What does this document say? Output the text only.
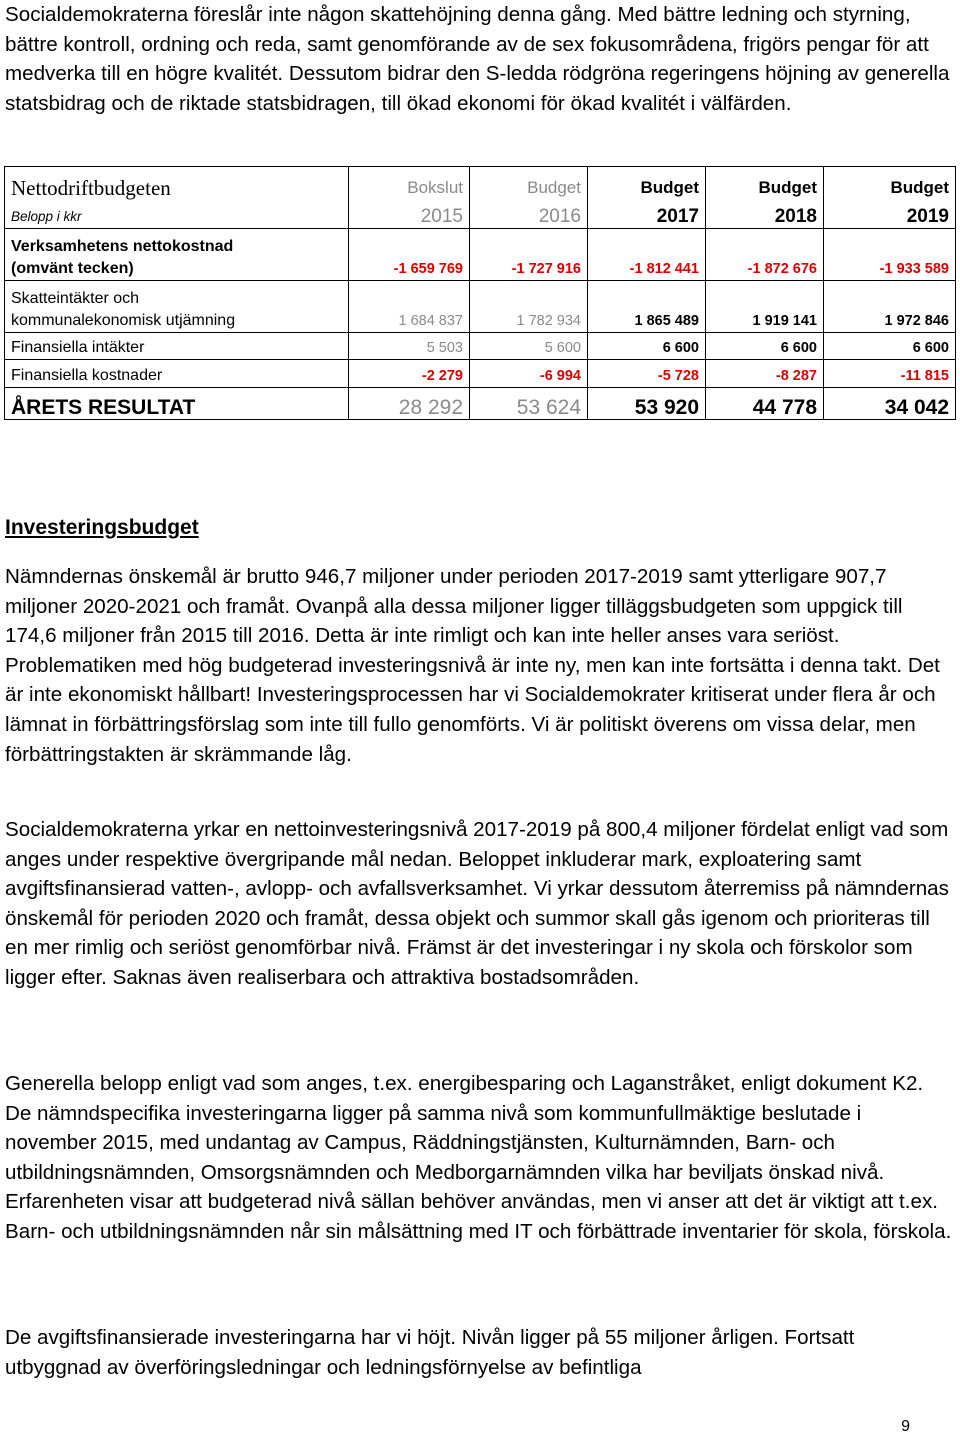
Socialdemokraterna föreslår inte någon skattehöjning denna gång. Med bättre ledning och styrning, bättre kontroll, ordning och reda, samt genomförande av de sex fokusområdena, frigörs pengar för att medverka till en högre kvalitét. Dessutom bidrar den S-ledda rödgröna regeringens höjning av generella statsbidrag och de riktade statsbidragen, till ökad ekonomi för ökad kvalitét i välfärden.

Nettodriftbudgeten	Bokslut	Budget	Budget	Budget	Budget
Belopp i kkr	2015	2016	2017	2018	2019

Verksamhetens nettokostnad
(omvänt tecken)	-1 659 769	-1 727 916	-1 812 441	-1 872 676	-1 933 589

Skatteintäkter och
kommunalekonomisk utjämning	1 684 837	1 782 934	1 865 489	1 919 141	1 972 846
Finansiella intäkter	5 503	5 600	6 600	6 600	6 600
Finansiella kostnader	-2 279	-6 994	-5 728	-8 287	-11 815
ÅRETS RESULTAT	28 292	53 624	53 920	44 778	34 042

Investeringsbudget

Nämndernas önskemål är brutto 946,7 miljoner under perioden 2017-2019 samt ytterligare 907,7 miljoner 2020-2021 och framåt. Ovanpå alla dessa miljoner ligger tilläggsbudgeten som uppgick till 174,6 miljoner från 2015 till 2016. Detta är inte rimligt och kan inte heller anses vara seriöst. Problematiken med hög budgeterad investeringsnivå är inte ny, men kan inte fortsätta i denna takt. Det är inte ekonomiskt hållbart! Investeringsprocessen har vi Socialdemokrater kritiserat under flera år och lämnat in förbättringsförslag som inte till fullo genomförts. Vi är politiskt överens om vissa delar, men förbättringstakten är skrämmande låg.

Socialdemokraterna yrkar en nettoinvesteringsnivå 2017-2019 på 800,4 miljoner fördelat enligt vad som anges under respektive övergripande mål nedan. Beloppet inkluderar mark, exploatering samt avgiftsfinansierad vatten-, avlopp- och avfallsverksamhet. Vi yrkar dessutom återremiss på nämndernas önskemål för perioden 2020 och framåt, dessa objekt och summor skall gås igenom och prioriteras till en mer rimlig och seriöst genomförbar nivå. Främst är det investeringar i ny skola och förskolor som ligger efter. Saknas även realiserbara och attraktiva bostadsområden.

Generella belopp enligt vad som anges, t.ex. energibesparing och Laganstråket, enligt dokument K2. De nämndspecifika investeringarna ligger på samma nivå som kommunfullmäktige beslutade i november 2015, med undantag av Campus, Räddningstjänsten, Kulturnämnden, Barn- och utbildningsnämnden, Omsorgsnämnden och Medborgarnämnden vilka har beviljats önskad nivå. Erfarenheten visar att budgeterad nivå sällan behöver användas, men vi anser att det är viktigt att t.ex. Barn- och utbildningsnämnden når sin målsättning med IT och förbättrade inventarier för skola, förskola.

De avgiftsfinansierade investeringarna har vi höjt. Nivån ligger på 55 miljoner årligen. Fortsatt utbyggnad av överföringsledningar och ledningsförnyelse av befintliga

9
